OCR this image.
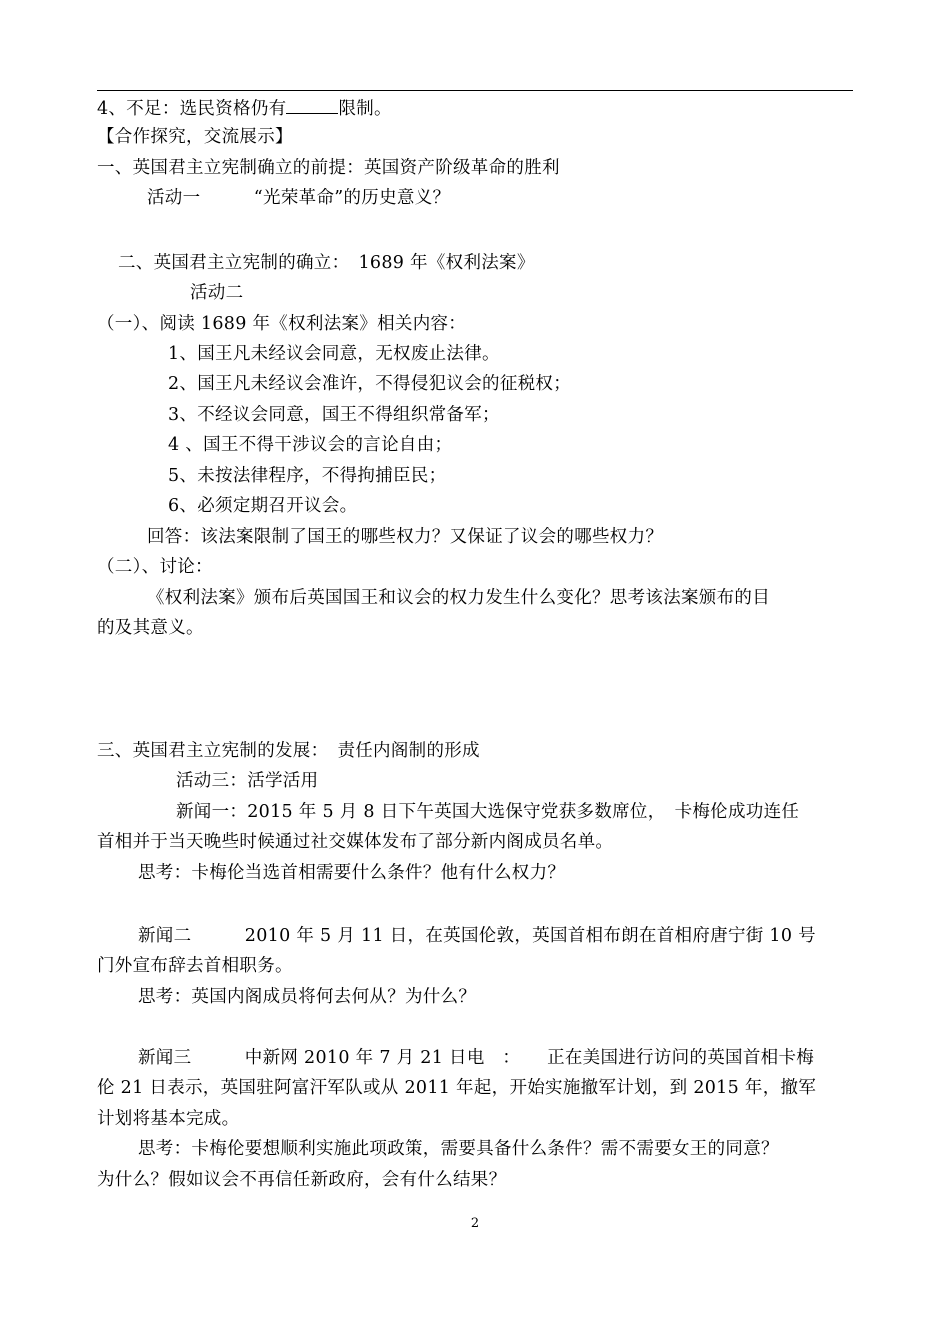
4、不足：选民资格仍有	限制。
【合作探究，交流展示】
一、英国君主立宪制确立的前提：英国资产阶级革命的胜利
活动一　　　“光荣革命”的历史意义？
二、英国君主立宪制的确立：　1689 年《权利法案》
活动二
（一）、阅读 1689 年《权利法案》相关内容：
1、国王凡未经议会同意，无权废止法律。
2、国王凡未经议会准许，不得侵犯议会的征税权；
3、不经议会同意，国王不得组织常备军；
4 、国王不得干涉议会的言论自由；
5、未按法律程序，不得拘捕臣民；
6、必须定期召开议会。
回答：该法案限制了国王的哪些权力？又保证了议会的哪些权力？
（二）、讨论：
《权利法案》颁布后英国国王和议会的权力发生什么变化？思考该法案颁布的目
的及其意义。
三、英国君主立宪制的发展：　责任内阁制的形成
活动三：活学活用
新闻一：2015 年 5 月 8 日下午英国大选保守党获多数席位，　卡梅伦成功连任
首相并于当天晚些时候通过社交媒体发布了部分新内阁成员名单。
思考：卡梅伦当选首相需要什么条件？他有什么权力？
新闻二　　　2010 年 5 月 11 日，在英国伦敦，英国首相布朗在首相府唐宁街 10 号
门外宣布辞去首相职务。
思考：英国内阁成员将何去何从？为什么？
新闻三　　　中新网 2010 年 7 月 21 日电　：　　正在美国进行访问的英国首相卡梅
伦 21 日表示，英国驻阿富汗军队或从 2011 年起，开始实施撤军计划，到 2015 年，撤军
计划将基本完成。
思考：卡梅伦要想顺利实施此项政策，需要具备什么条件？需不需要女王的同意？
为什么？假如议会不再信任新政府，会有什么结果？
2
